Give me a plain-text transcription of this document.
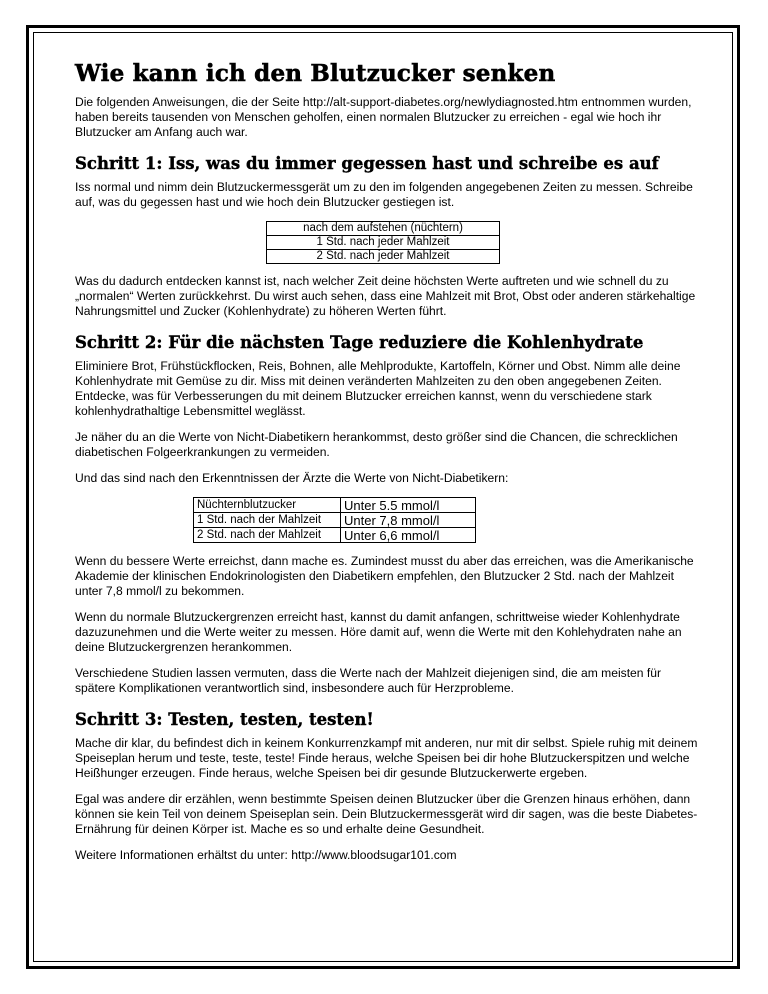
Wie kann ich den Blutzucker senken

Die folgenden Anweisungen, die der Seite http://alt-support-diabetes.org/newlydiagnosted.htm entnommen wurden, haben bereits tausenden von Menschen geholfen, einen normalen Blutzucker zu erreichen - egal wie hoch ihr Blutzucker am Anfang auch war.

Schritt 1: Iss, was du immer gegessen hast und schreibe es auf

Iss normal und nimm dein Blutzuckermessgerät um zu den im folgenden angegebenen Zeiten zu messen. Schreibe auf, was du gegessen hast und wie hoch dein Blutzucker gestiegen ist.

nach dem aufstehen (nüchtern)
1 Std. nach jeder Mahlzeit
2 Std. nach jeder Mahlzeit

Was du dadurch entdecken kannst ist, nach welcher Zeit deine höchsten Werte auftreten und wie schnell du zu „normalen“ Werten zurückkehrst. Du wirst auch sehen, dass eine Mahlzeit mit Brot, Obst oder anderen stärkehaltige Nahrungsmittel und Zucker (Kohlenhydrate) zu höheren Werten führt.

Schritt 2: Für die nächsten Tage reduziere die Kohlenhydrate

Eliminiere Brot, Frühstückflocken, Reis, Bohnen, alle Mehlprodukte, Kartoffeln, Körner und Obst. Nimm alle deine Kohlenhydrate mit Gemüse zu dir. Miss mit deinen veränderten Mahlzeiten zu den oben angegebenen Zeiten. Entdecke, was für Verbesserungen du mit deinem Blutzucker erreichen kannst, wenn du verschiedene stark kohlenhydrathaltige Lebensmittel weglässt.

Je näher du an die Werte von Nicht-Diabetikern herankommst, desto größer sind die Chancen, die schrecklichen diabetischen Folgeerkrankungen zu vermeiden.

Und das sind nach den Erkenntnissen der Ärzte die Werte von Nicht-Diabetikern:

Nüchternblutzucker	Unter 5.5 mmol/l
1 Std. nach der Mahlzeit	Unter 7,8 mmol/l
2 Std. nach der Mahlzeit	Unter 6,6 mmol/l

Wenn du bessere Werte erreichst, dann mache es. Zumindest musst du aber das erreichen, was die Amerikanische Akademie der klinischen Endokrinologisten den Diabetikern empfehlen, den Blutzucker 2 Std. nach der Mahlzeit unter 7,8 mmol/l zu bekommen.

Wenn du normale Blutzuckergrenzen erreicht hast, kannst du damit anfangen, schrittweise wieder Kohlenhydrate dazuzunehmen und die Werte weiter zu messen. Höre damit auf, wenn die Werte mit den Kohlehydraten nahe an deine Blutzuckergrenzen herankommen.

Verschiedene Studien lassen vermuten, dass die Werte nach der Mahlzeit diejenigen sind, die am meisten für spätere Komplikationen verantwortlich sind, insbesondere auch für Herzprobleme.

Schritt 3: Testen, testen, testen!

Mache dir klar, du befindest dich in keinem Konkurrenzkampf mit anderen, nur mit dir selbst. Spiele ruhig mit deinem Speiseplan herum und teste, teste, teste! Finde heraus, welche Speisen bei dir hohe Blutzuckerspitzen und welche Heißhunger erzeugen. Finde heraus, welche Speisen bei dir gesunde Blutzuckerwerte ergeben.

Egal was andere dir erzählen, wenn bestimmte Speisen deinen Blutzucker über die Grenzen hinaus erhöhen, dann können sie kein Teil von deinem Speiseplan sein. Dein Blutzuckermessgerät wird dir sagen, was die beste Diabetes-Ernährung für deinen Körper ist. Mache es so und erhalte deine Gesundheit.

Weitere Informationen erhältst du unter: http://www.bloodsugar101.com
